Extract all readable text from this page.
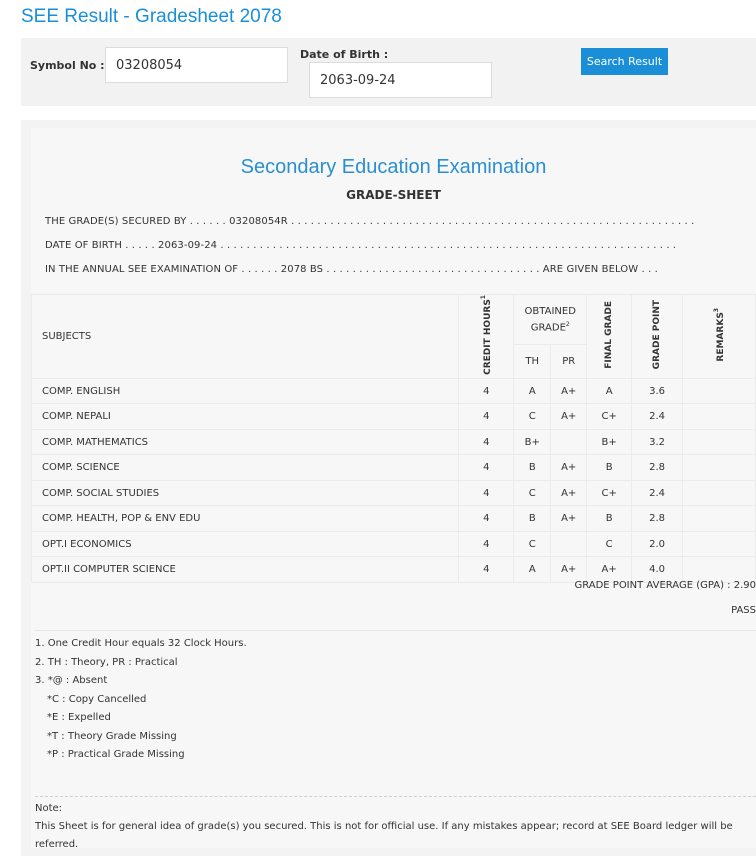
SEE Result - Gradesheet 2078
Symbol No :
03208054
Date of Birth :
2063-09-24
Search Result
Secondary Education Examination
GRADE-SHEET
THE GRADE(S) SECURED BY . . . . . . 03208054R . . . . . . . . . . . . . . . . . . . . . . . . . . . . . . . . . . . . . . . . . . . . . . . . . . . . . . . . . . . . . .
DATE OF BIRTH . . . . . 2063-09-24 . . . . . . . . . . . . . . . . . . . . . . . . . . . . . . . . . . . . . . . . . . . . . . . . . . . . . . . . . . . . . . . . . . . . . .
IN THE ANNUAL SEE EXAMINATION OF . . . . . . 2078 BS . . . . . . . . . . . . . . . . . . . . . . . . . . . . . . . . . ARE GIVEN BELOW . . .
SUBJECTS	CREDIT HOURS$^1$	OBTAINED GRADE$^2$		FINAL GRADE	GRADE POINT	REMARKS$^3$
		TH	PR			
COMP. ENGLISH	4	A	A+	A	3.6	
COMP. NEPALI	4	C	A+	C+	2.4	
COMP. MATHEMATICS	4	B+		B+	3.2	
COMP. SCIENCE	4	B	A+	B	2.8	
COMP. SOCIAL STUDIES	4	C	A+	C+	2.4	
COMP. HEALTH, POP & ENV EDU	4	B	A+	B	2.8	
OPT.I ECONOMICS	4	C		C	2.0	
OPT.II COMPUTER SCIENCE	4	A	A+	A+	4.0	
GRADE POINT AVERAGE (GPA) : 2.90
PASS
1. One Credit Hour equals 32 Clock Hours.
2. TH : Theory, PR : Practical
3. *@ : Absent
*C : Copy Cancelled
*E : Expelled
*T : Theory Grade Missing
*P : Practical Grade Missing
Note:
This Sheet is for general idea of grade(s) you secured. This is not for official use. If any mistakes appear; record at SEE Board ledger will be referred.
